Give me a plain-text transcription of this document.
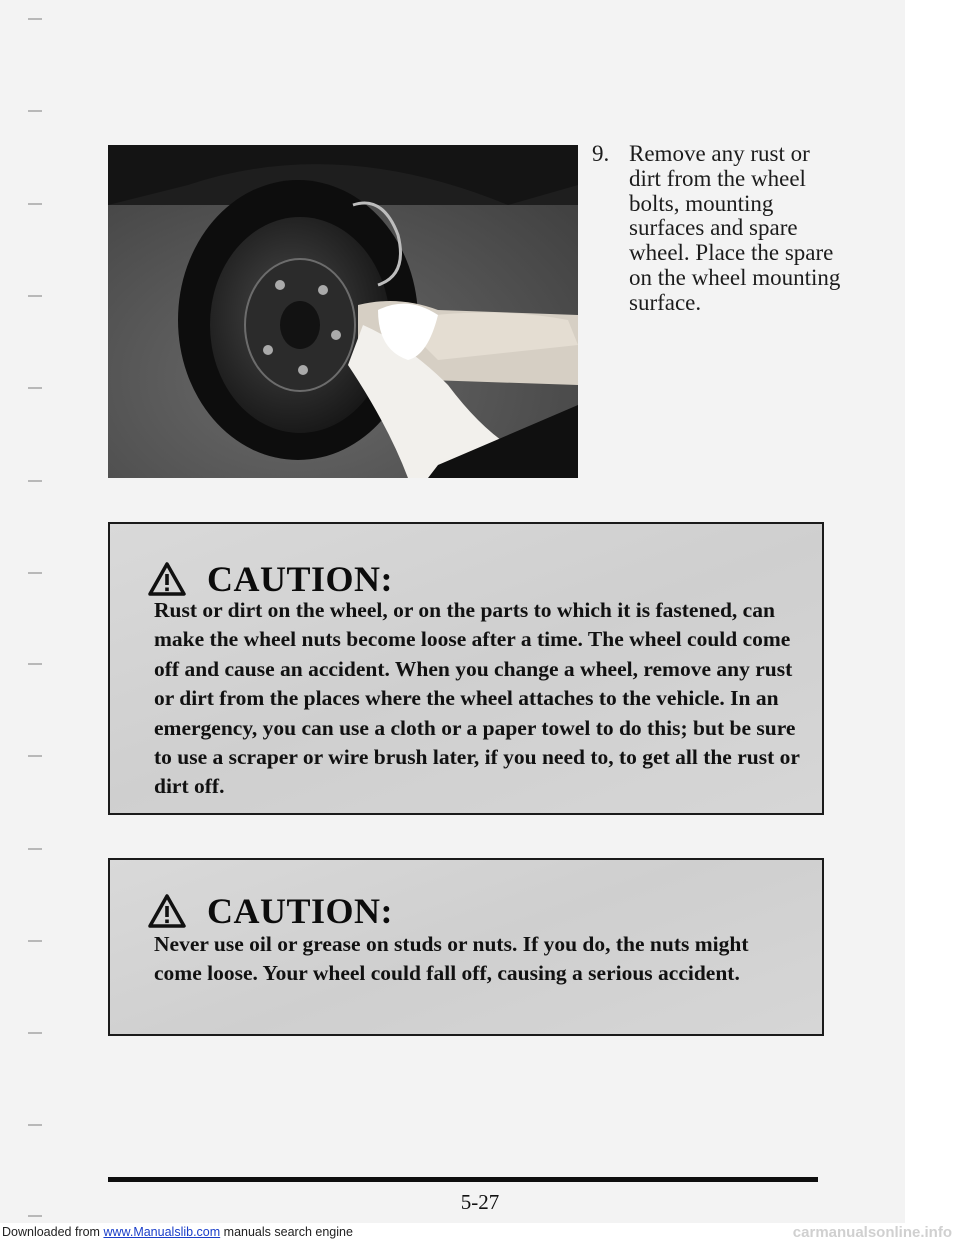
9. Remove any rust or dirt from the wheel bolts, mounting surfaces and spare wheel. Place the spare on the wheel mounting surface.
CAUTION:
Rust or dirt on the wheel, or on the parts to which it is fastened, can make the wheel nuts become loose after a time. The wheel could come off and cause an accident. When you change a wheel, remove any rust or dirt from the places where the wheel attaches to the vehicle. In an emergency, you can use a cloth or a paper towel to do this; but be sure to use a scraper or wire brush later, if you need to, to get all the rust or dirt off.
CAUTION:
Never use oil or grease on studs or nuts. If you do, the nuts might come loose. Your wheel could fall off, causing a serious accident.
5-27
Downloaded from www.Manualslib.com manuals search engine	carmanualsonline.info
